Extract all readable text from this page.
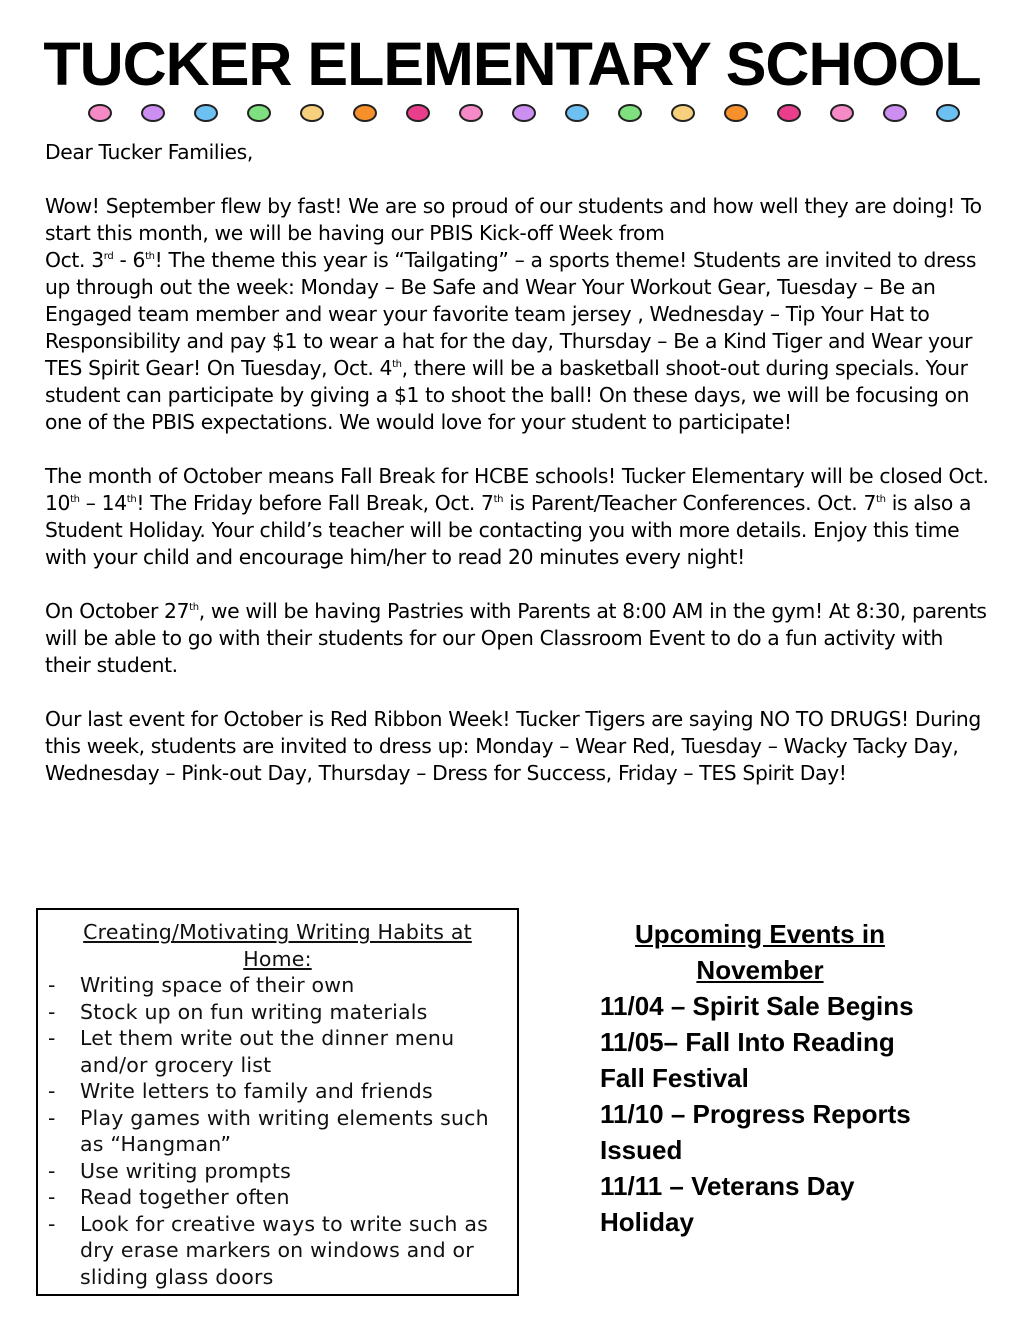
TUCKER ELEMENTARY SCHOOL

Dear Tucker Families,

Wow! September flew by fast! We are so proud of our students and how well they are doing! To start this month, we will be having our PBIS Kick-off Week from
Oct. 3rd - 6th! The theme this year is “Tailgating” – a sports theme! Students are invited to dress up through out the week: Monday – Be Safe and Wear Your Workout Gear, Tuesday – Be an Engaged team member and wear your favorite team jersey , Wednesday – Tip Your Hat to Responsibility and pay $1 to wear a hat for the day, Thursday – Be a Kind Tiger and Wear your TES Spirit Gear! On Tuesday, Oct. 4th, there will be a basketball shoot-out during specials. Your student can participate by giving a $1 to shoot the ball! On these days, we will be focusing on one of the PBIS expectations. We would love for your student to participate!

The month of October means Fall Break for HCBE schools! Tucker Elementary will be closed Oct. 10th – 14th! The Friday before Fall Break, Oct. 7th is Parent/Teacher Conferences. Oct. 7th is also a Student Holiday. Your child’s teacher will be contacting you with more details. Enjoy this time with your child and encourage him/her to read 20 minutes every night!

On October 27th, we will be having Pastries with Parents at 8:00 AM in the gym! At 8:30, parents will be able to go with their students for our Open Classroom Event to do a fun activity with their student.

Our last event for October is Red Ribbon Week! Tucker Tigers are saying NO TO DRUGS! During this week, students are invited to dress up: Monday – Wear Red, Tuesday – Wacky Tacky Day, Wednesday – Pink-out Day, Thursday – Dress for Success, Friday – TES Spirit Day!

Creating/Motivating Writing Habits at Home:
- Writing space of their own
- Stock up on fun writing materials
- Let them write out the dinner menu and/or grocery list
- Write letters to family and friends
- Play games with writing elements such as “Hangman”
- Use writing prompts
- Read together often
- Look for creative ways to write such as dry erase markers on windows and or sliding glass doors
Upcoming Events in November

11/04 – Spirit Sale Begins

11/05– Fall Into Reading Fall Festival

11/10 – Progress Reports Issued

11/11 – Veterans Day Holiday
